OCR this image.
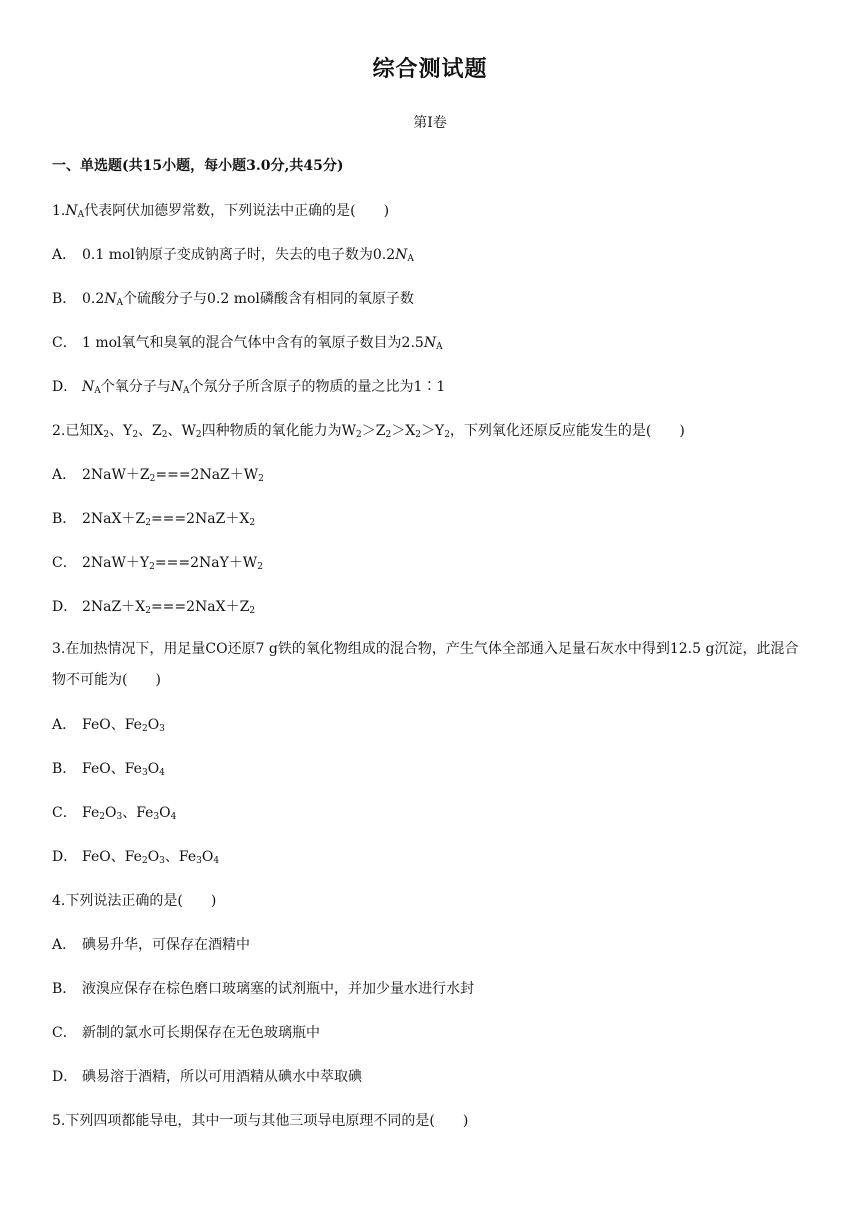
综合测试题
第Ⅰ卷
一、单选题(共15小题，每小题3.0分,共45分)
$1.N_A$代表阿伏加德罗常数，下列说法中正确的是(　　)
A． 0.1 mol钠原子变成钠离子时，失去的电子数为$0.2N_A$
B． $0.2N_A$个硫酸分子与0.2 mol磷酸含有相同的氧原子数
C． 1 mol氧气和臭氧的混合气体中含有的氧原子数目为$2.5N_A$
D． $N_A$个氧分子与$N_A$个氖分子所含原子的物质的量之比为1∶1
2.已知$X_2$、$Y_2$、$Z_2$、$W_2$四种物质的氧化能力为$W_2>Z_2>X_2>Y_2$，下列氧化还原反应能发生的是(　　)
A． $2NaW+Z_2===2NaZ+W_2$
B． $2NaX+Z_2===2NaZ+X_2$
C． $2NaW+Y_2===2NaY+W_2$
D． $2NaZ+X_2===2NaX+Z_2$
3.在加热情况下，用足量CO还原7 g铁的氧化物组成的混合物，产生气体全部通入足量石灰水中得到12.5 g沉淀，此混合物不可能为(　　)
A． FeO、$Fe_2O_3$
B． FeO、$Fe_3O_4$
C． $Fe_2O_3$、$Fe_3O_4$
D． FeO、$Fe_2O_3$、$Fe_3O_4$
4.下列说法正确的是(　　)
A． 碘易升华，可保存在酒精中
B． 液溴应保存在棕色磨口玻璃塞的试剂瓶中，并加少量水进行水封
C． 新制的氯水可长期保存在无色玻璃瓶中
D． 碘易溶于酒精，所以可用酒精从碘水中萃取碘
5.下列四项都能导电，其中一项与其他三项导电原理不同的是(　　)
